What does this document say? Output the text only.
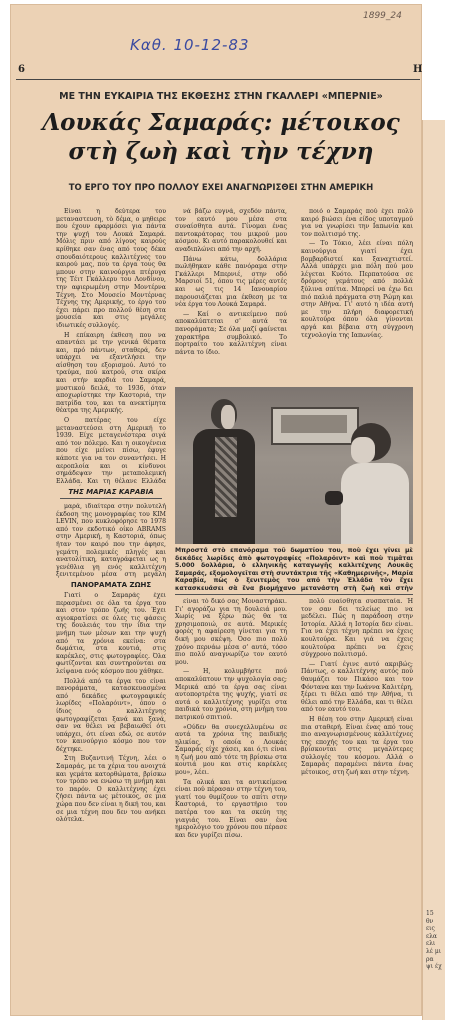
Καθ. 10-12-83
1899_24
6	Η
ΜΕ ΤΗΝ ΕΥΚΑΙΡΙΑ ΤΗΣ ΕΚΘΕΣΗΣ ΣΤΗΝ ΓΚΑΛΛΕΡΙ «ΜΠΕΡΝΙΕ»
Λουκάς Σαμαράς: μέτοικος
στὴ ζωὴ καὶ τὴν τέχνη
ΤΟ ΕΡΓΟ ΤΟΥ ΠΡΟ ΠΟΛΛΟΥ ΕΧΕΙ ΑΝΑΓΝΩΡΙΣΘΕΙ ΣΤΗΝ ΑΜΕΡΙΚΗ

Είναι η δεύτερα του μεταναστευση, τὸ δέμα, ο μηθειρε που έχουν εφαρμόσει για πάντα την ψυχή του Λουκά Σαμαρά. Μόλις πριν από λίγους καιρούς κρίθηκε σαν ένας από τους δέκα σπουδαιότερους καλλιτέχνες του καιρού μας, που τα έργα τους θα μπουν στην καινούργια πτέρυγα της Τέιτ Γκάλλερυ του Λονδίνου, την αφιερωμένη στην Μοντέρνα Τέχνη. Στο Μουσείο Μοντέρνας Τέχνης της Αμερικής, το έργο του έχει πάρει προ πολλού θέση στα μουσεία και στις μεγάλες ιδιωτικές συλλογές.

Η επίκαιρη έκθεση που να απαντάει με την γενικά θέματα και, πρό πάντων, σταθερά, δεν υπάρχει να εξαντλήσει την αίσθηση του εξορισμού. Αυτό το τραύμα, πού κατρού, στα σκίρα και στήν καρδιά του Σαμαρά, μυστικού δειλά, το 1936, όταν αποχωρίστηκε την Καστοριά, την πατρίδα του, και τα ανεκτίμητα θέατρα της Αμερικής.

Ο πατέρας του είχε μεταναστεύσει στη Αμερική το 1939. Είχε μεταγενέστερα σιγά από τον πόλεμο. Και η οικογένεια που είχε μείνει πίσω, έφυγε κάποτε για να τον συναντήσει. Η αεροπλοία και οι κίνδυνοι σημάδεψαν την μεταπολεμική Ελλάδα. Και τη θέλανε Ελλάδα

ΤΗΣ ΜΑΡΙΑΣ ΚΑΡΑΒΙΑ

μαρά, ιδιαίτερα στην πολυτελή έκδοση της μονογραφίας του ΚΙΜ LEVIN, που κυκλοφόρησε το 1978 από τον εκδοτικό οίκο ABRAMS στην Αμερική, η Καστοριά, όπως ήταν τον καιρό που την άφησε, γεμάτη πολεμικές πληγές και ανατολίτικη, καταγράφεται ως η γενέθλια γη ενός καλλιτέχνη ξενιτεμένου μέσα στη μεγάλη

ΠΑΝΟΡΑΜΑΤΑ ΖΩΗΣ

Γιατί ο Σαμαράς έχει περασμένει σε όλα τα έργα του και στον τρόπο ζωής του. Έχει αγιοκρατίσει σε όλες τις φάσεις της δουλειάς του την ίδια την μνήμη των μέσων και την ψυχή από τα χρόνια εκείνα: στα δωμάτια, στα κουτιά, στις καρέκλες, στις φωτογραφίες. Όλα φωτίζονται και συντηρούνται σα λείψανα ενός κόσμου που χάθηκε.

Πολλά από τα έργα του είναι πανοράματα, κατασκευασμένα από δεκάδες φωτογραφικές λωρίδες «Πολαρόιντ», όπου ο ίδιος ο καλλιτέχνης φωτογραφίζεται ξανά και ξανά, σαν να θέλει να βεβαιωθεί ότι υπάρχει, ότι είναι εδώ, σε αυτόν τον καινούργιο κόσμο που τον δέχτηκε.

Στη Βυζαντινή Τέχνη, λέει ο Σαμαράς, με τα χέρια του ανοιχτά και γεμάτα κατορθώματα, βρίσκω τον τρόπο να ενώσω τη μνήμη και το παρόν. Ο καλλιτέχνης έχει ζήσει πάντα ως μέτοικος, σε μια χώρα που δεν είναι η δική του, και σε μια τέχνη που δεν του ανήκει ολότελα.

νά βάζω ευγνά, σχεδόν πάντα, τον εαυτό μου μέσα στα συναίσθητα αυτά. Γίνομαι ένας παντοκράτορας του μικρού μου κόσμου. Κι αυτό παρακολουθεί και αναδιπλώνει από την αρχή.

Πάνω κάτω, δολλάρια πωλήθηκαν κάθε πανόραμα στην Γκάλλερι Μπερνιέ, στην οδό Μαρσιοί 51, όπου τις μέρες αυτές και ως τις 14 Ιανουαρίου παρουσιάζεται μια έκθεση με τα νέα έργα του Λουκά Σαμαρά.

— Καί ο αντικείμενο πού αποκαλύπτεται σ' αυτά τα πανοράματα; Σε όλα μαζί φαίνεται χαρακτήρα συμβολικό. Το πορτραίτο του καλλιτέχνη είναι πάντα το ίδιο.

ποιό ο Σαμαράς πού έχει πολύ καιρό βιώσει ένα είδος υποταγμού για να γνωρίσει την Ιαπωνία και τον πολιτισμό της.

— Το Τόκιο, λέει είναι πόλη καινούργια γιατί έχει βομβαρδιστεί και ξαναχτιστεί. Αλλά υπάρχει μια πόλη πού μου λέγεται Κυότο. Περπατούσα σε δρόμους γεμάτους από πολλά ξύλινα σπίτια. Μπορεί να έχω δει πιό παλιά πράγματα στη Ρώμη και στην Αθήνα. Γι' αυτό η ιδέα αυτή με την πλήρη διαφορετική κουλτούρα όπου όλα γίνονται αργά και βέβαια στη σύγχρονη τεχνολογία της Ιαπωνίας.

Μπροστά στὸ επανόραμα τοῦ δωματίου του, ποὺ έχει γίνει μὲ δεκάδες λωρίδες ἀπὸ φωτογραφίες «Πολαρόιντ» καὶ ποὺ τιμᾶται 5.000 δολλάρια, ὁ ελληνικῆς καταγωγῆς καλλιτέχνης Λουκᾶς Σαμαράς, εξομολογεῖται στὴ συντάκτρια τῆς «Καθημερινῆς», Μαρία Καραβία, πὼς ὁ ξενιτεμὸς του από τὴν Ἑλλάδα τὸν ἔχει κατασκευάσει σὰ ἕνα βιομήχανο μετανάστη στὴ ζωὴ καὶ στὴν

είναι τὸ δικό σας Μοναστηράκι. Γι' αγοράζω για τη δουλειά μου. Χωρίς να ξέρω πώς θα τα χρησιμοποιώ, σε αυτά. Μερικές φορές η αφαίρεση γίνεται για τη δική μου σκέψη. Όσο πιο πολύ χρόνο περνάω μέσα σ' αυτά, τόσο πιο πολύ αναγνωρίζω τον εαυτό μου.

— Η, κολυμβήστε πού αποκαλύπτουν την ψυχολογία σας; Μερικά από τα έργα σας είναι αυτοπορτρέτα της ψυχής, γιατί σε αυτά ο καλλιτέχνης γυρίζει στα παιδικά του χρόνια, στη μνήμη του πατρικού σπιτιού.

«Ούδεν θα συνεχελλυμένω σε αυτά τα χρόνια της παιδικής ηλικίας, η οποία ο Λουκάς Σαμαράς είχε χάσει, και ό,τι είναι η ζωή μου από τότε τη βρίσκω στα κουτιά μου και στις καρέκλες μου», λέει.

Τα ολικά και τα αντικείμενα είναι πού πέρασαν στην τέχνη του, γιατί του θυμίζουν το σπίτι στην Καστοριά, το εργαστήριο του πατέρα του και τα σκεύη της γιαγιάς του. Είναι σαν ένα ημερολόγιο του χρόνου που πέρασε και δεν γυρίζει πίσω.

πολύ ευαίσθητα συσπαταία. Ή τον σαν δει τελείως πιο να μεδέλει. Πώς η παράδοση στην Ιστορία. Αλλά η Ιστορία δεν είναι. Για να έχει τέχνη πρέπει να έχεις κουλτούρα. Και γιά να έχεις κουλτούρα πρέπει να έχεις σύγχρονο πολιτισμό.

— Γιατί έγινε αυτό ακριβώς; Πάντως, ο καλλιτέχνης αυτός πού θαυμάζει τον Πικάσο και τον Φόντανα και την Ιωάννα Καλιτέρη, ξέρει τι θέλει από την Αθήνα, τι θέλει από την Ελλάδα, και τι θέλει από τον εαυτό του.

Η θέση του στην Αμερική είναι πια σταθερή. Είναι ένας από τους πιο αναγνωρισμένους καλλιτέχνες της εποχής του και τα έργα του βρίσκονται στις μεγαλύτερες συλλογές του κόσμου. Αλλά ο Σαμαράς παραμένει πάντα ένας μέτοικος, στη ζωή και στην τέχνη.

15 θν εις ελα ελι λέ μι ρα ψι έχ
